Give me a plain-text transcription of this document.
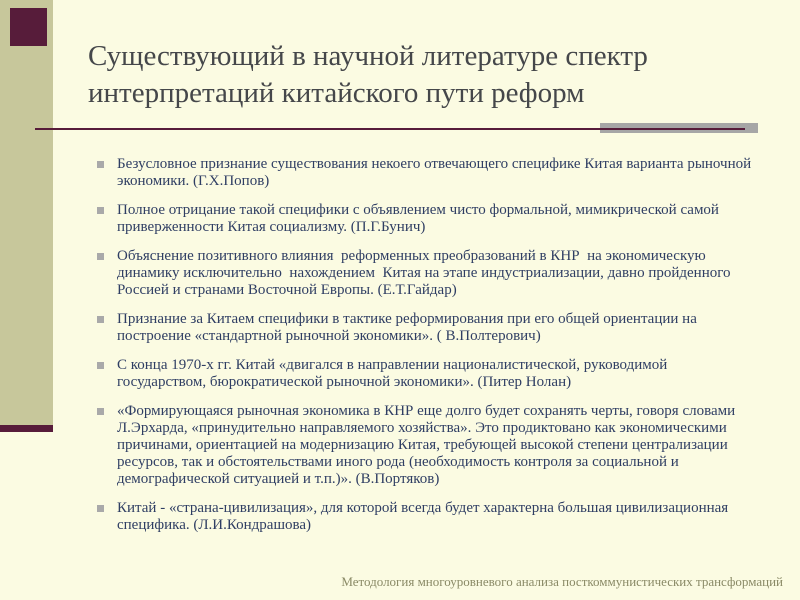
Существующий в научной литературе спектр интерпретаций китайского пути реформ
Безусловное признание существования некоего отвечающего специфике Китая варианта рыночной экономики. (Г.Х.Попов)
Полное отрицание такой специфики с объявлением чисто формальной, мимикрической самой приверженности Китая социализму. (П.Г.Бунич)
Объяснение позитивного влияния  реформенных преобразований в КНР  на экономическую динамику исключительно  нахождением  Китая на этапе индустриализации, давно пройденного  Россией и странами Восточной Европы. (Е.Т.Гайдар)
Признание за Китаем специфики в тактике реформирования при его общей ориентации на построение «стандартной рыночной экономики». ( В.Полтерович)
С конца 1970-х гг. Китай «двигался в направлении националистической, руководимой государством, бюрократической рыночной экономики». (Питер Нолан)
«Формирующаяся рыночная экономика в КНР еще долго будет сохранять черты, говоря словами Л.Эрхарда, «принудительно направляемого хозяйства». Это продиктовано как экономическими причинами, ориентацией на модернизацию Китая, требующей высокой степени централизации ресурсов, так и обстоятельствами иного рода (необходимость контроля за социальной и демографической ситуацией и т.п.)». (В.Портяков)
Китай - «страна-цивилизация», для которой всегда будет характерна большая цивилизационная специфика. (Л.И.Кондрашова)
Методология многоуровневого анализа посткоммунистических трансформаций
